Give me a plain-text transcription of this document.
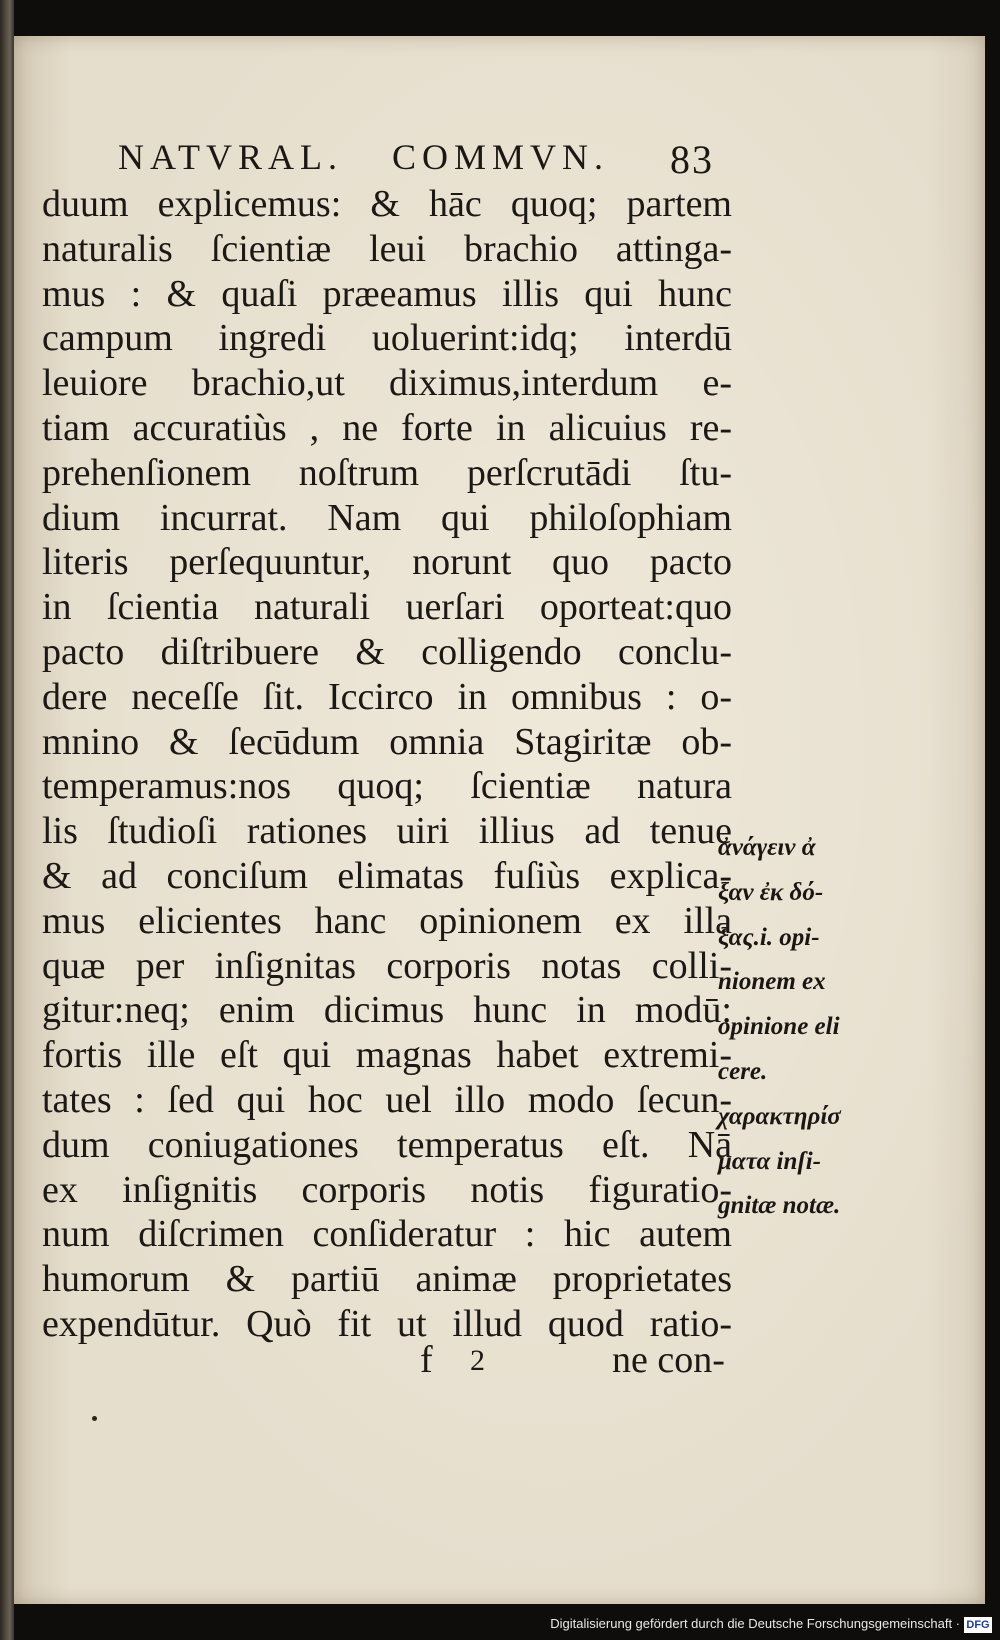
NATVRAL. COMMVN. 83
duum explicemus: & hāc quoq; partem
naturalis ſcientiæ leui brachio attinga-
mus : & quaſi præeamus illis qui hunc
campum ingredi uoluerint:idq; interdū
leuiore brachio,ut diximus,interdum e-
tiam accuratiùs , ne forte in alicuius re-
prehenſionem noſtrum perſcrutādi ſtu-
dium incurrat. Nam qui philoſophiam
literis perſequuntur, norunt quo pacto
in ſcientia naturali uerſari oporteat:quo
pacto diſtribuere & colligendo conclu-
dere neceſſe ſit. Iccirco in omnibus : o-
mnino & ſecūdum omnia Stagiritæ ob-
temperamus:nos quoq; ſcientiæ natura
lis ſtudioſi rationes uiri illius ad tenue
& ad conciſum elimatas fuſiùs explica-
mus elicientes hanc opinionem ex illa
quæ per inſignitas corporis notas colli-
gitur:neq; enim dicimus hunc in modū:
fortis ille eſt qui magnas habet extremi-
tates : ſed qui hoc uel illo modo ſecun-
dum coniugationes temperatus eſt. Nā
ex inſignitis corporis notis figuratio-
num diſcrimen conſideratur : hic autem
humorum & partiū animæ proprietates
expendūtur. Quò fit ut illud quod ratio-
ἀνάγειν ἀ
ξαν ἐκ δό-
ξας.i. opi-
nionem ex
opinione eli
cere.
χαρακτηρίσ
ματα inſi-
gnitæ notæ.
f 2	ne con-
Digitalisierung gefördert durch die Deutsche Forschungsgemeinschaft · DFG
